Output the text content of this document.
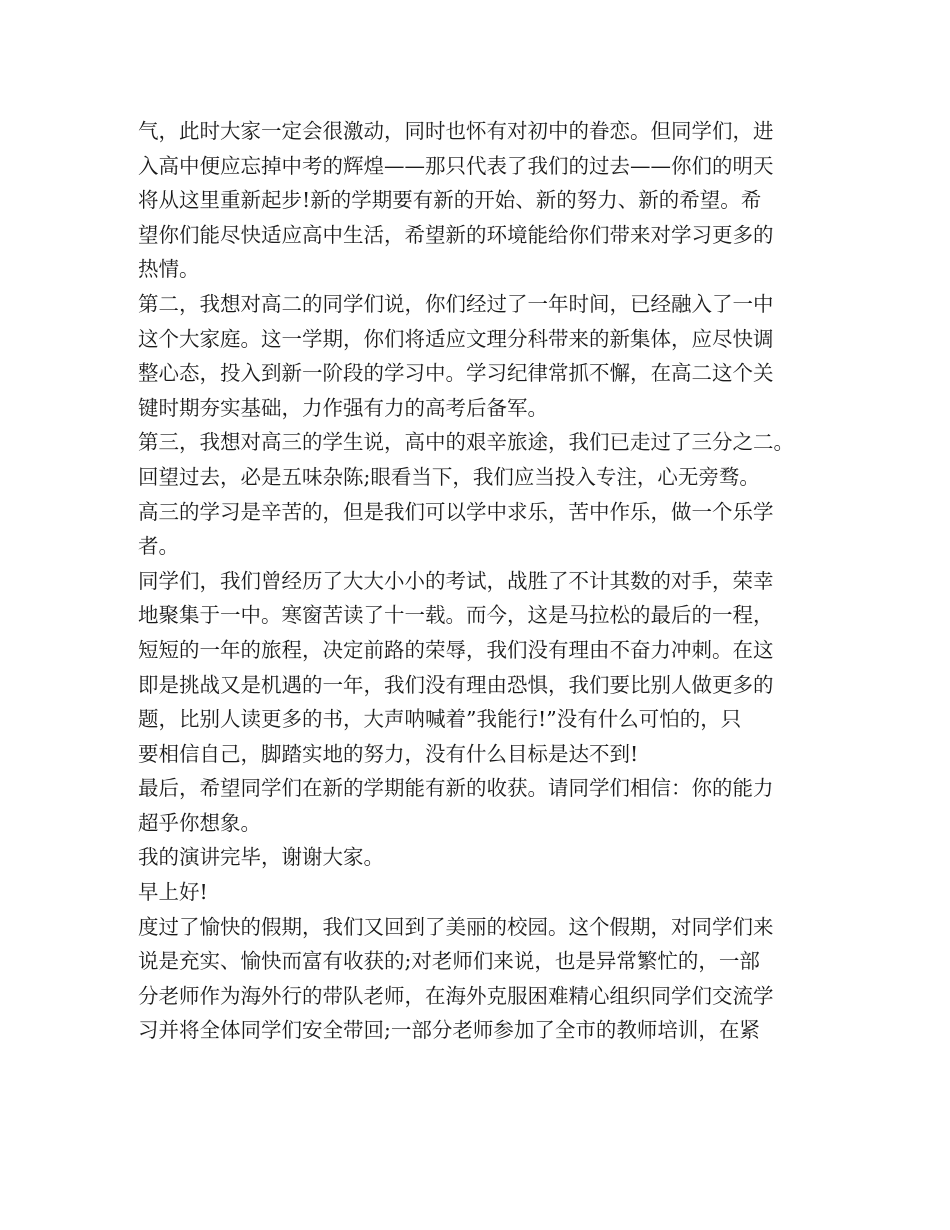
气，此时大家一定会很激动，同时也怀有对初中的眷恋。但同学们，进
入高中便应忘掉中考的辉煌——那只代表了我们的过去——你们的明天
将从这里重新起步!新的学期要有新的开始、新的努力、新的希望。希
望你们能尽快适应高中生活，希望新的环境能给你们带来对学习更多的
热情。
第二，我想对高二的同学们说，你们经过了一年时间，已经融入了一中
这个大家庭。这一学期，你们将适应文理分科带来的新集体，应尽快调
整心态，投入到新一阶段的学习中。学习纪律常抓不懈，在高二这个关
键时期夯实基础，力作强有力的高考后备军。
第三，我想对高三的学生说，高中的艰辛旅途，我们已走过了三分之二。
回望过去，必是五味杂陈;眼看当下，我们应当投入专注，心无旁骛。
高三的学习是辛苦的，但是我们可以学中求乐，苦中作乐，做一个乐学
者。
同学们，我们曾经历了大大小小的考试，战胜了不计其数的对手，荣幸
地聚集于一中。寒窗苦读了十一载。而今，这是马拉松的最后的一程，
短短的一年的旅程，决定前路的荣辱，我们没有理由不奋力冲刺。在这
即是挑战又是机遇的一年，我们没有理由恐惧，我们要比别人做更多的
题，比别人读更多的书，大声呐喊着”我能行!”没有什么可怕的，只
要相信自己，脚踏实地的努力，没有什么目标是达不到!
最后，希望同学们在新的学期能有新的收获。请同学们相信：你的能力
超乎你想象。
我的演讲完毕，谢谢大家。
早上好!
度过了愉快的假期，我们又回到了美丽的校园。这个假期，对同学们来
说是充实、愉快而富有收获的;对老师们来说，也是异常繁忙的，一部
分老师作为海外行的带队老师，在海外克服困难精心组织同学们交流学
习并将全体同学们安全带回;一部分老师参加了全市的教师培训，在紧
